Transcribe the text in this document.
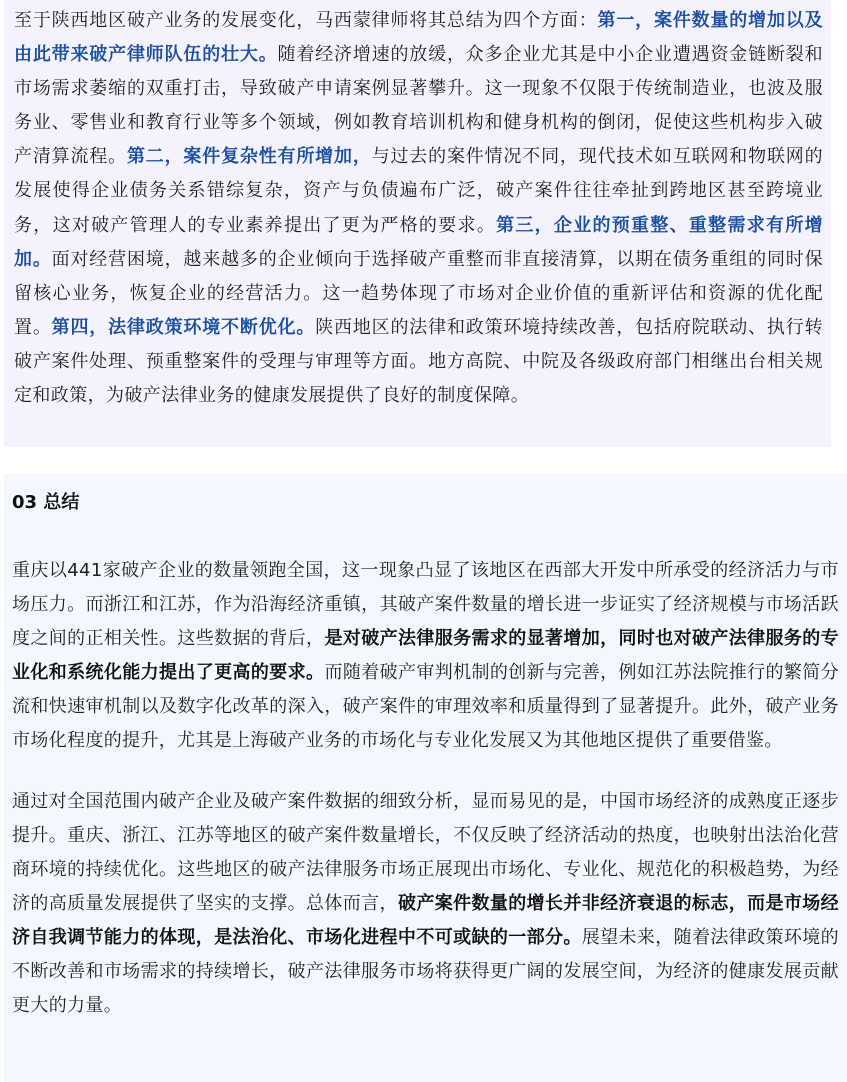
至于陕西地区破产业务的发展变化，马西蒙律师将其总结为四个方面：第一，案件数量的增加以及由此带来破产律师队伍的壮大。随着经济增速的放缓，众多企业尤其是中小企业遭遇资金链断裂和市场需求萎缩的双重打击，导致破产申请案例显著攀升。这一现象不仅限于传统制造业，也波及服务业、零售业和教育行业等多个领域，例如教育培训机构和健身机构的倒闭，促使这些机构步入破产清算流程。第二，案件复杂性有所增加，与过去的案件情况不同，现代技术如互联网和物联网的发展使得企业债务关系错综复杂，资产与负债遍布广泛，破产案件往往牵扯到跨地区甚至跨境业务，这对破产管理人的专业素养提出了更为严格的要求。第三，企业的预重整、重整需求有所增加。面对经营困境，越来越多的企业倾向于选择破产重整而非直接清算，以期在债务重组的同时保留核心业务，恢复企业的经营活力。这一趋势体现了市场对企业价值的重新评估和资源的优化配置。第四，法律政策环境不断优化。陕西地区的法律和政策环境持续改善，包括府院联动、执行转破产案件处理、预重整案件的受理与审理等方面。地方高院、中院及各级政府部门相继出台相关规定和政策，为破产法律业务的健康发展提供了良好的制度保障。

03 总结

重庆以441家破产企业的数量领跑全国，这一现象凸显了该地区在西部大开发中所承受的经济活力与市场压力。而浙江和江苏，作为沿海经济重镇，其破产案件数量的增长进一步证实了经济规模与市场活跃度之间的正相关性。这些数据的背后，是对破产法律服务需求的显著增加，同时也对破产法律服务的专业化和系统化能力提出了更高的要求。而随着破产审判机制的创新与完善，例如江苏法院推行的繁简分流和快速审机制以及数字化改革的深入，破产案件的审理效率和质量得到了显著提升。此外，破产业务市场化程度的提升，尤其是上海破产业务的市场化与专业化发展又为其他地区提供了重要借鉴。

通过对全国范围内破产企业及破产案件数据的细致分析，显而易见的是，中国市场经济的成熟度正逐步提升。重庆、浙江、江苏等地区的破产案件数量增长，不仅反映了经济活动的热度，也映射出法治化营商环境的持续优化。这些地区的破产法律服务市场正展现出市场化、专业化、规范化的积极趋势，为经济的高质量发展提供了坚实的支撑。总体而言，破产案件数量的增长并非经济衰退的标志，而是市场经济自我调节能力的体现，是法治化、市场化进程中不可或缺的一部分。展望未来，随着法律政策环境的不断改善和市场需求的持续增长，破产法律服务市场将获得更广阔的发展空间，为经济的健康发展贡献更大的力量。
